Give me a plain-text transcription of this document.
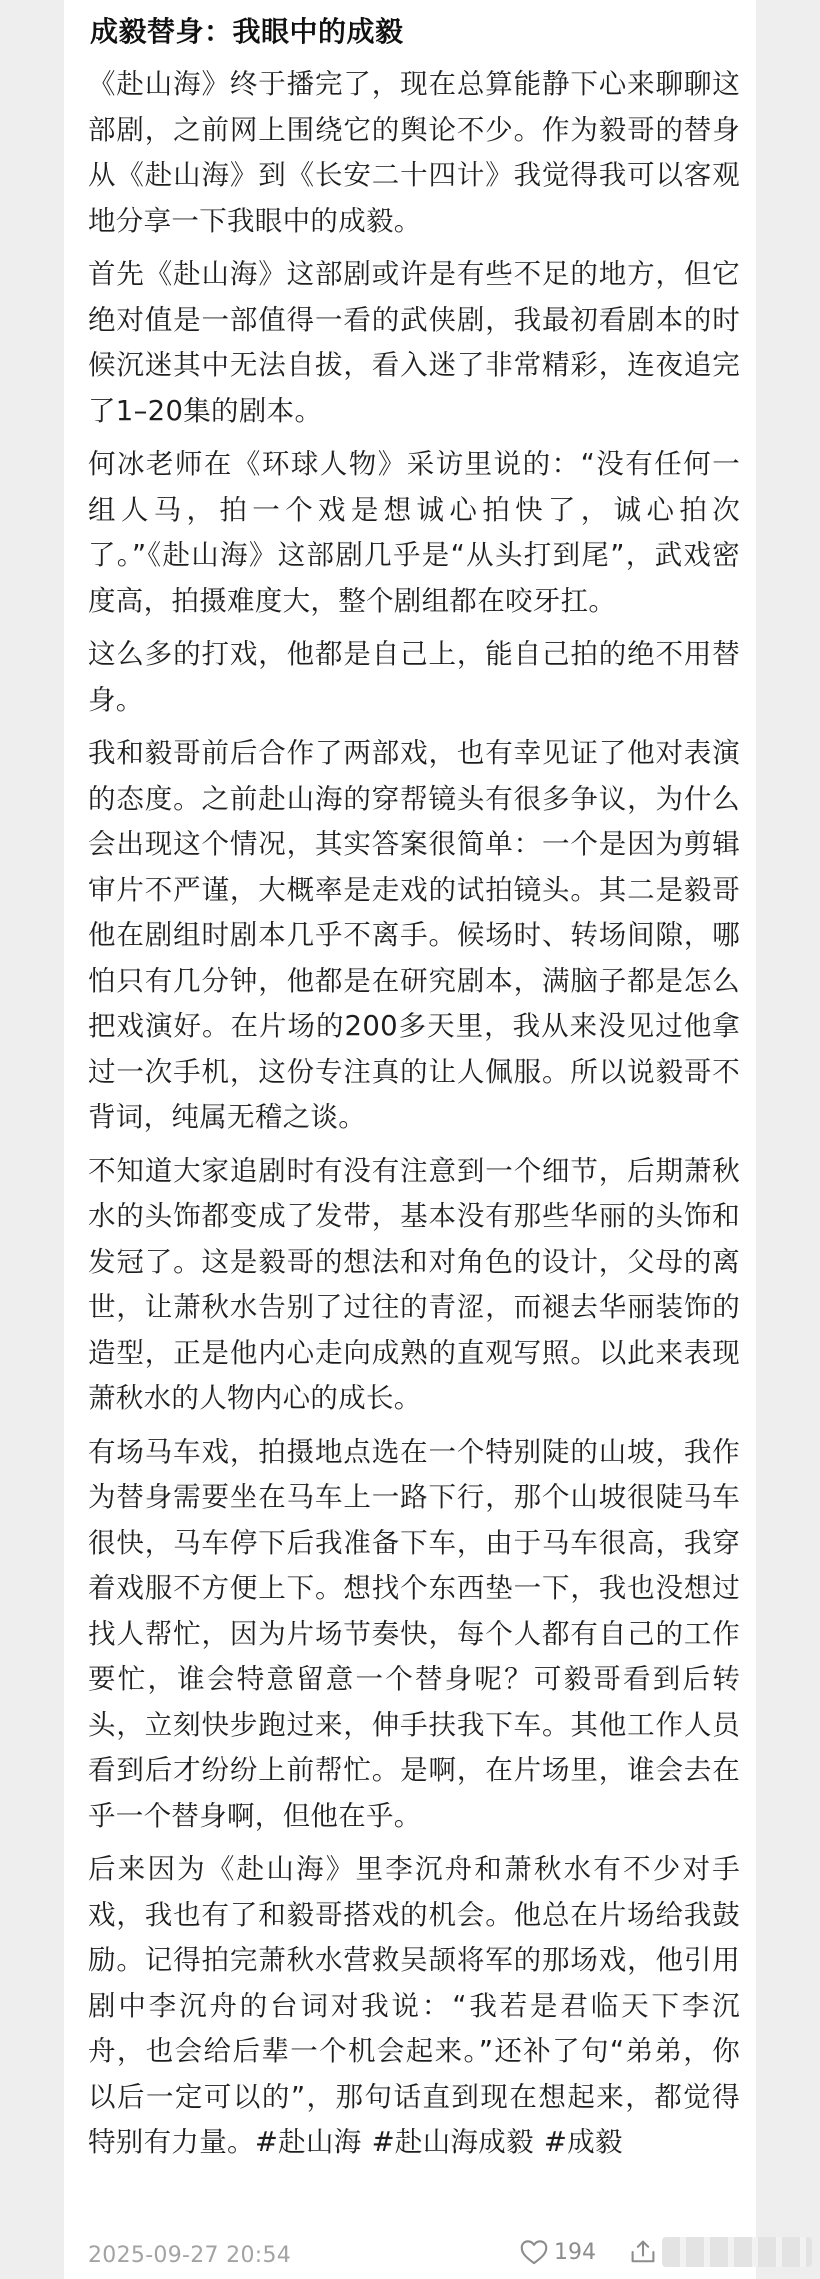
成毅替身：我眼中的成毅

《赴山海》终于播完了，现在总算能静下心来聊聊这部剧，之前网上围绕它的舆论不少。作为毅哥的替身从《赴山海》到《长安二十四计》我觉得我可以客观地分享一下我眼中的成毅。

首先《赴山海》这部剧或许是有些不足的地方，但它绝对值是一部值得一看的武侠剧，我最初看剧本的时候沉迷其中无法自拔，看入迷了非常精彩，连夜追完了1–20集的剧本。

何冰老师在《环球人物》采访里说的：“没有任何一组人马，拍一个戏是想诚心拍快了，诚心拍次了。”《赴山海》这部剧几乎是“从头打到尾”，武戏密度高，拍摄难度大，整个剧组都在咬牙扛。

这么多的打戏，他都是自己上，能自己拍的绝不用替身。

我和毅哥前后合作了两部戏，也有幸见证了他对表演的态度。之前赴山海的穿帮镜头有很多争议，为什么会出现这个情况，其实答案很简单：一个是因为剪辑审片不严谨，大概率是走戏的试拍镜头。其二是毅哥他在剧组时剧本几乎不离手。候场时、转场间隙，哪怕只有几分钟，他都是在研究剧本，满脑子都是怎么把戏演好。在片场的200多天里，我从来没见过他拿过一次手机，这份专注真的让人佩服。所以说毅哥不背词，纯属无稽之谈。

不知道大家追剧时有没有注意到一个细节，后期萧秋水的头饰都变成了发带，基本没有那些华丽的头饰和发冠了。这是毅哥的想法和对角色的设计，父母的离世，让萧秋水告别了过往的青涩，而褪去华丽装饰的造型，正是他内心走向成熟的直观写照。以此来表现萧秋水的人物内心的成长。

有场马车戏，拍摄地点选在一个特别陡的山坡，我作为替身需要坐在马车上一路下行，那个山坡很陡马车很快，马车停下后我准备下车，由于马车很高，我穿着戏服不方便上下。想找个东西垫一下，我也没想过找人帮忙，因为片场节奏快，每个人都有自己的工作要忙，谁会特意留意一个替身呢？可毅哥看到后转头，立刻快步跑过来，伸手扶我下车。其他工作人员看到后才纷纷上前帮忙。是啊，在片场里，谁会去在乎一个替身啊，但他在乎。

后来因为《赴山海》里李沉舟和萧秋水有不少对手戏，我也有了和毅哥搭戏的机会。他总在片场给我鼓励。记得拍完萧秋水营救吴颉将军的那场戏，他引用剧中李沉舟的台词对我说：“我若是君临天下李沉舟，也会给后辈一个机会起来。”还补了句“弟弟，你以后一定可以的”，那句话直到现在想起来，都觉得特别有力量。#赴山海 #赴山海成毅 #成毅

2025-09-27 20:54	194
